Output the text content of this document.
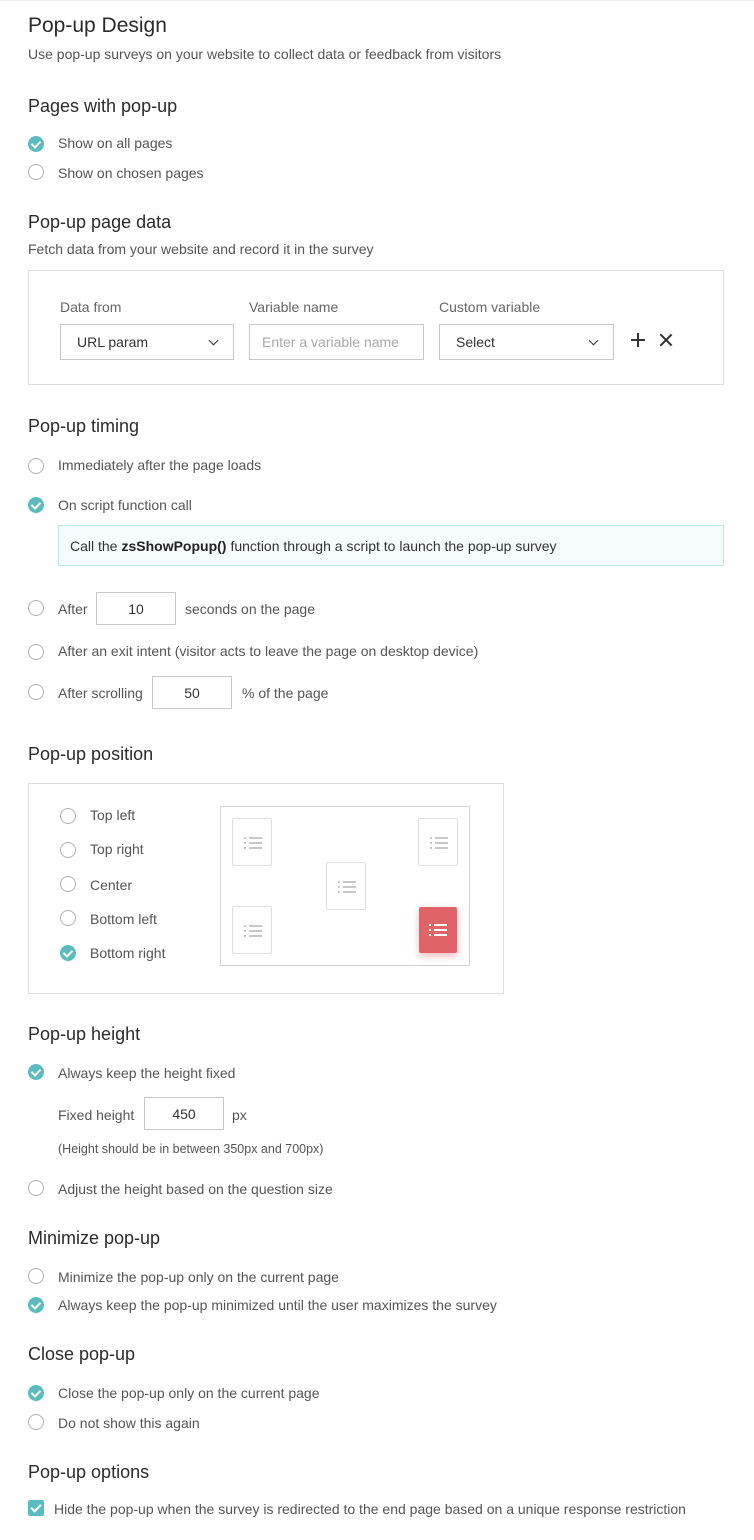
Pop-up Design
Use pop-up surveys on your website to collect data or feedback from visitors
Pages with pop-up
Show on all pages
Show on chosen pages
Pop-up page data
Fetch data from your website and record it in the survey
Data from	Variable name	Custom variable
URL param	Enter a variable name	Select
Pop-up timing
Immediately after the page loads
On script function call
Call the zsShowPopup() function through a script to launch the pop-up survey
After	10	seconds on the page
After an exit intent (visitor acts to leave the page on desktop device)
After scrolling	50	% of the page
Pop-up position
Top left
Top right
Center
Bottom left
Bottom right
Pop-up height
Always keep the height fixed
Fixed height	450	px
(Height should be in between 350px and 700px)
Adjust the height based on the question size
Minimize pop-up
Minimize the pop-up only on the current page
Always keep the pop-up minimized until the user maximizes the survey
Close pop-up
Close the pop-up only on the current page
Do not show this again
Pop-up options
Hide the pop-up when the survey is redirected to the end page based on a unique response restriction
